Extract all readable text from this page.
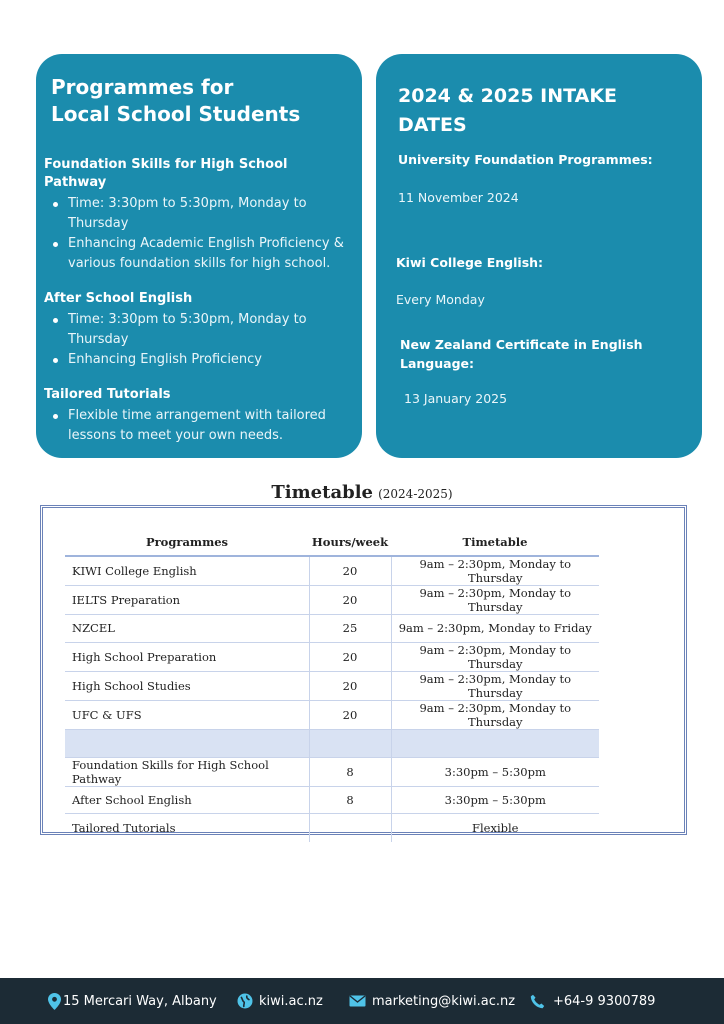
Programmes for
Local School Students
Foundation Skills for High School Pathway
Time: 3:30pm to 5:30pm, Monday to Thursday
Enhancing Academic English Proficiency & various foundation skills for high school.
After School English
Time: 3:30pm to 5:30pm, Monday to Thursday
Enhancing English Proficiency
Tailored Tutorials
Flexible time arrangement with tailored lessons to meet your own needs.
2024 & 2025 INTAKE DATES
University Foundation Programmes:
11 November 2024
Kiwi College English:
Every Monday
New Zealand Certificate in English Language:
13 January 2025
Timetable (2024-2025)
Programmes	Hours/week	Timetable
KIWI College English	20	9am – 2:30pm, Monday to Thursday
IELTS Preparation	20	9am – 2:30pm, Monday to Thursday
NZCEL	25	9am – 2:30pm, Monday to Friday
High School Preparation	20	9am – 2:30pm, Monday to Thursday
High School Studies	20	9am – 2:30pm, Monday to Thursday
UFC & UFS	20	9am – 2:30pm, Monday to Thursday

Foundation Skills for High School Pathway	8	3:30pm – 5:30pm
After School English	8	3:30pm – 5:30pm
Tailored Tutorials		Flexible
15 Mercari Way, Albany	kiwi.ac.nz	marketing@kiwi.ac.nz	+64-9 9300789
